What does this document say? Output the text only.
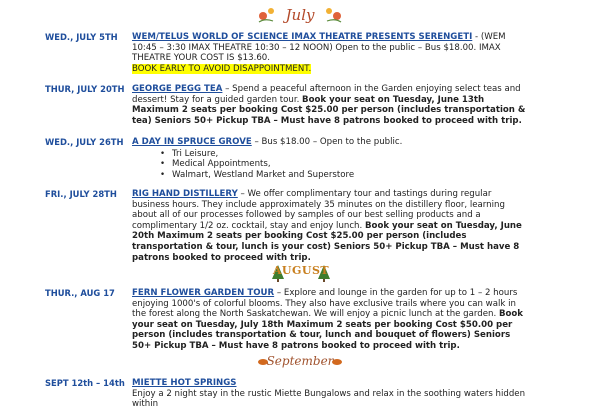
July
WED., JULY 5TH	WEM/TELUS WORLD OF SCIENCE IMAX THEATRE PRESENTS SERENGETI - (WEM 10:45 – 3:30 IMAX THEATRE 10:30 – 12 NOON) Open to the public – Bus $18.00. IMAX THEATRE YOUR COST IS $13.60.
BOOK EARLY TO AVOID DISAPPOINTMENT.
THUR, JULY 20TH GEORGE PEGG TEA – Spend a peaceful afternoon in the Garden enjoying select teas and dessert! Stay for a guided garden tour. Book your seat on Tuesday, June 13th Maximum 2 seats per booking Cost $25.00 per person (includes transportation & tea) Seniors 50+ Pickup TBA – Must have 8 patrons booked to proceed with trip.
WED., JULY 26TH A DAY IN SPRUCE GROVE – Bus $18.00 – Open to the public.
• Tri Leisure,
• Medical Appointments,
• Walmart, Westland Market and Superstore
FRI., JULY 28TH	RIG HAND DISTILLERY – We offer complimentary tour and tastings during regular business hours. They include approximately 35 minutes on the distillery floor, learning about all of our processes followed by samples of our best selling products and a complimentary 1/2 oz. cocktail, stay and enjoy lunch. Book your seat on Tuesday, June 20th Maximum 2 seats per booking Cost $25.00 per person (includes transportation & tour, lunch is your cost) Seniors 50+ Pickup TBA – Must have 8 patrons booked to proceed with trip.
AUGUST
THUR., AUG 17	FERN FLOWER GARDEN TOUR – Explore and lounge in the garden for up to 1 – 2 hours enjoying 1000's of colorful blooms. They also have exclusive trails where you can walk in the forest along the North Saskatchewan. We will enjoy a picnic lunch at the garden. Book your seat on Tuesday, July 18th Maximum 2 seats per booking Cost $50.00 per person (includes transportation & tour, lunch and bouquet of flowers) Seniors 50+ Pickup TBA – Must have 8 patrons booked to proceed with trip.
September
SEPT 12th – 14th MIETTE HOT SPRINGS
Enjoy a 2 night stay in the rustic Miette Bungalows and relax in the soothing waters hidden within
